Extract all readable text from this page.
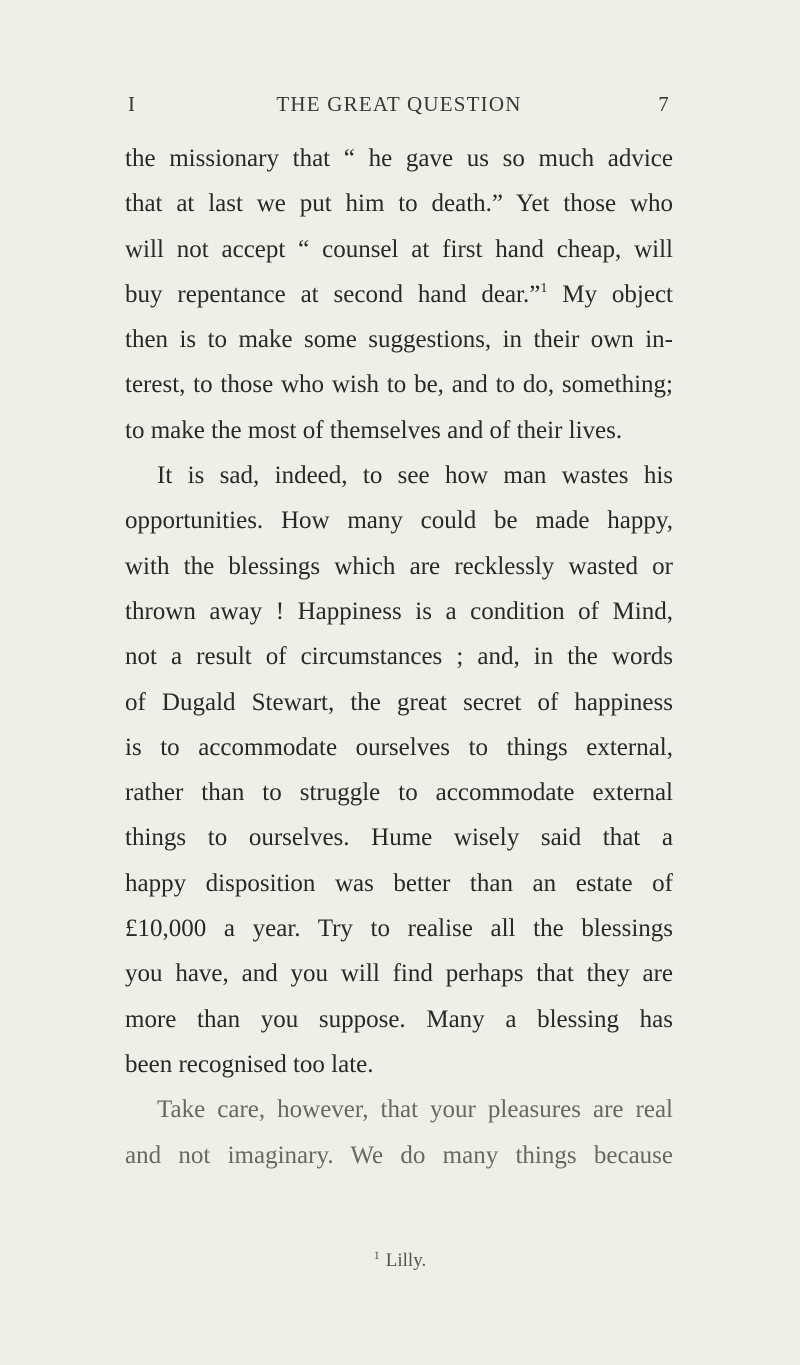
I	THE GREAT QUESTION	7
the missionary that “ he gave us so much advice
that at last we put him to death.” Yet those who
will not accept “ counsel at first hand cheap, will
buy repentance at second hand dear.”$^1$ My object
then is to make some suggestions, in their own in-
terest, to those who wish to be, and to do, something;
to make the most of themselves and of their lives.
It is sad, indeed, to see how man wastes his
opportunities. How many could be made happy,
with the blessings which are recklessly wasted or
thrown away ! Happiness is a condition of Mind,
not a result of circumstances ; and, in the words
of Dugald Stewart, the great secret of happiness
is to accommodate ourselves to things external,
rather than to struggle to accommodate external
things to ourselves. Hume wisely said that a
happy disposition was better than an estate of
£10,000 a year. Try to realise all the blessings
you have, and you will find perhaps that they are
more than you suppose. Many a blessing has
been recognised too late.
Take care, however, that your pleasures are real
and not imaginary. We do many things because
$^1$ Lilly.
